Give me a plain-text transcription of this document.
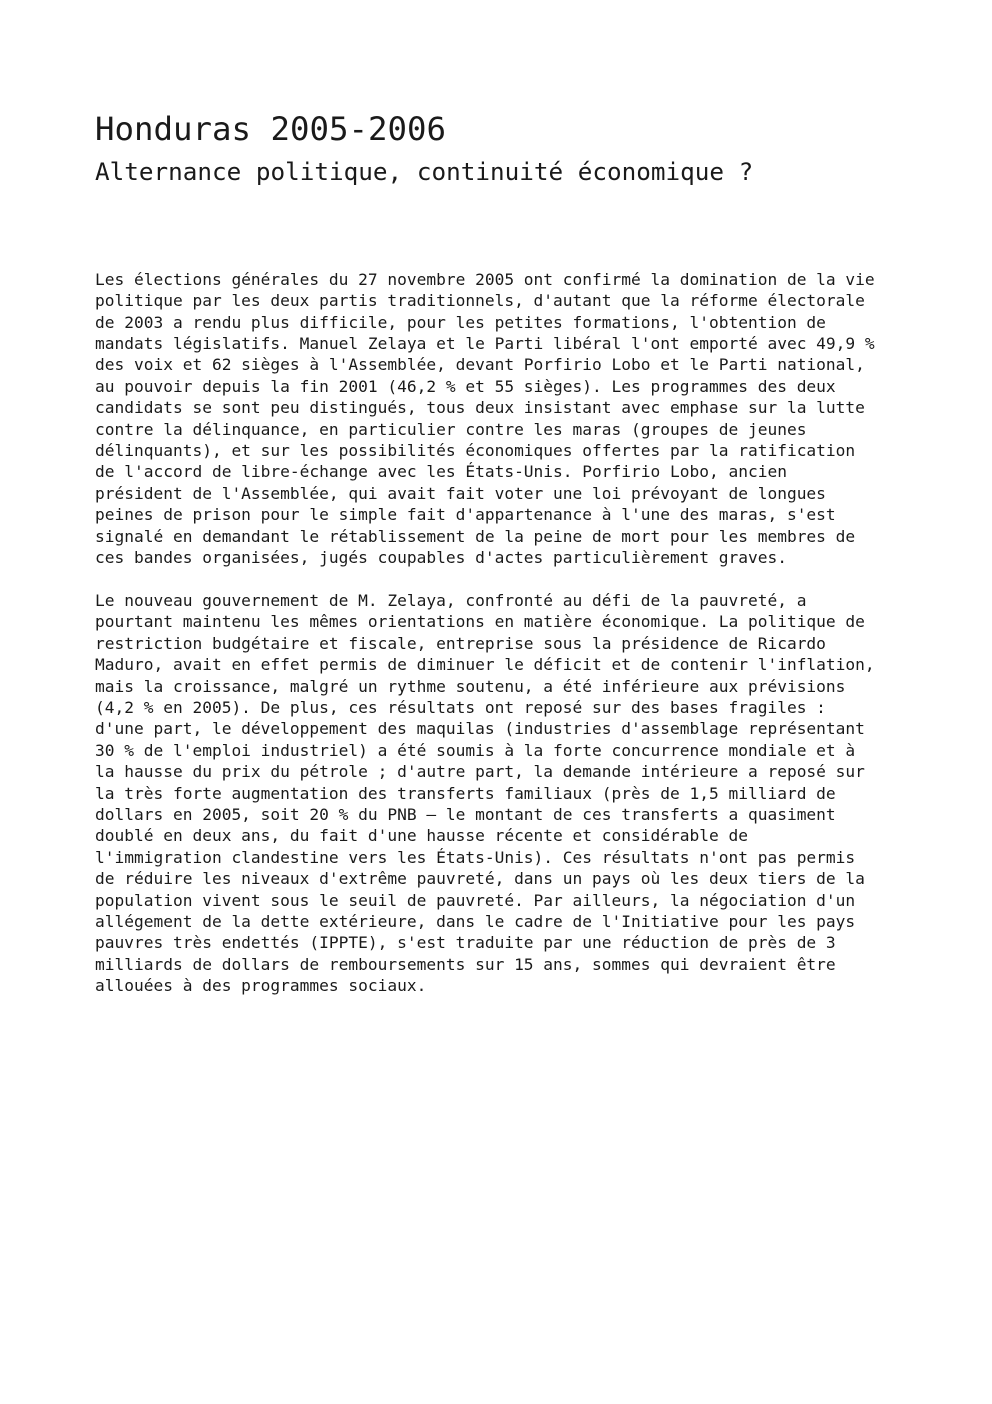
Honduras 2005-2006
Alternance politique, continuité économique ?

Les élections générales du 27 novembre 2005 ont confirmé la domination de la vie
politique par les deux partis traditionnels, d'autant que la réforme électorale
de 2003 a rendu plus difficile, pour les petites formations, l'obtention de
mandats législatifs. Manuel Zelaya et le Parti libéral l'ont emporté avec 49,9 %
des voix et 62 sièges à l'Assemblée, devant Porfirio Lobo et le Parti national,
au pouvoir depuis la fin 2001 (46,2 % et 55 sièges). Les programmes des deux
candidats se sont peu distingués, tous deux insistant avec emphase sur la lutte
contre la délinquance, en particulier contre les maras (groupes de jeunes
délinquants), et sur les possibilités économiques offertes par la ratification
de l'accord de libre-échange avec les États-Unis. Porfirio Lobo, ancien
président de l'Assemblée, qui avait fait voter une loi prévoyant de longues
peines de prison pour le simple fait d'appartenance à l'une des maras, s'est
signalé en demandant le rétablissement de la peine de mort pour les membres de
ces bandes organisées, jugés coupables d'actes particulièrement graves.

Le nouveau gouvernement de M. Zelaya, confronté au défi de la pauvreté, a
pourtant maintenu les mêmes orientations en matière économique. La politique de
restriction budgétaire et fiscale, entreprise sous la présidence de Ricardo
Maduro, avait en effet permis de diminuer le déficit et de contenir l'inflation,
mais la croissance, malgré un rythme soutenu, a été inférieure aux prévisions
(4,2 % en 2005). De plus, ces résultats ont reposé sur des bases fragiles :
d'une part, le développement des maquilas (industries d'assemblage représentant
30 % de l'emploi industriel) a été soumis à la forte concurrence mondiale et à
la hausse du prix du pétrole ; d'autre part, la demande intérieure a reposé sur
la très forte augmentation des transferts familiaux (près de 1,5 milliard de
dollars en 2005, soit 20 % du PNB – le montant de ces transferts a quasiment
doublé en deux ans, du fait d'une hausse récente et considérable de
l'immigration clandestine vers les États-Unis). Ces résultats n'ont pas permis
de réduire les niveaux d'extrême pauvreté, dans un pays où les deux tiers de la
population vivent sous le seuil de pauvreté. Par ailleurs, la négociation d'un
allégement de la dette extérieure, dans le cadre de l'Initiative pour les pays
pauvres très endettés (IPPTE), s'est traduite par une réduction de près de 3
milliards de dollars de remboursements sur 15 ans, sommes qui devraient être
allouées à des programmes sociaux.
